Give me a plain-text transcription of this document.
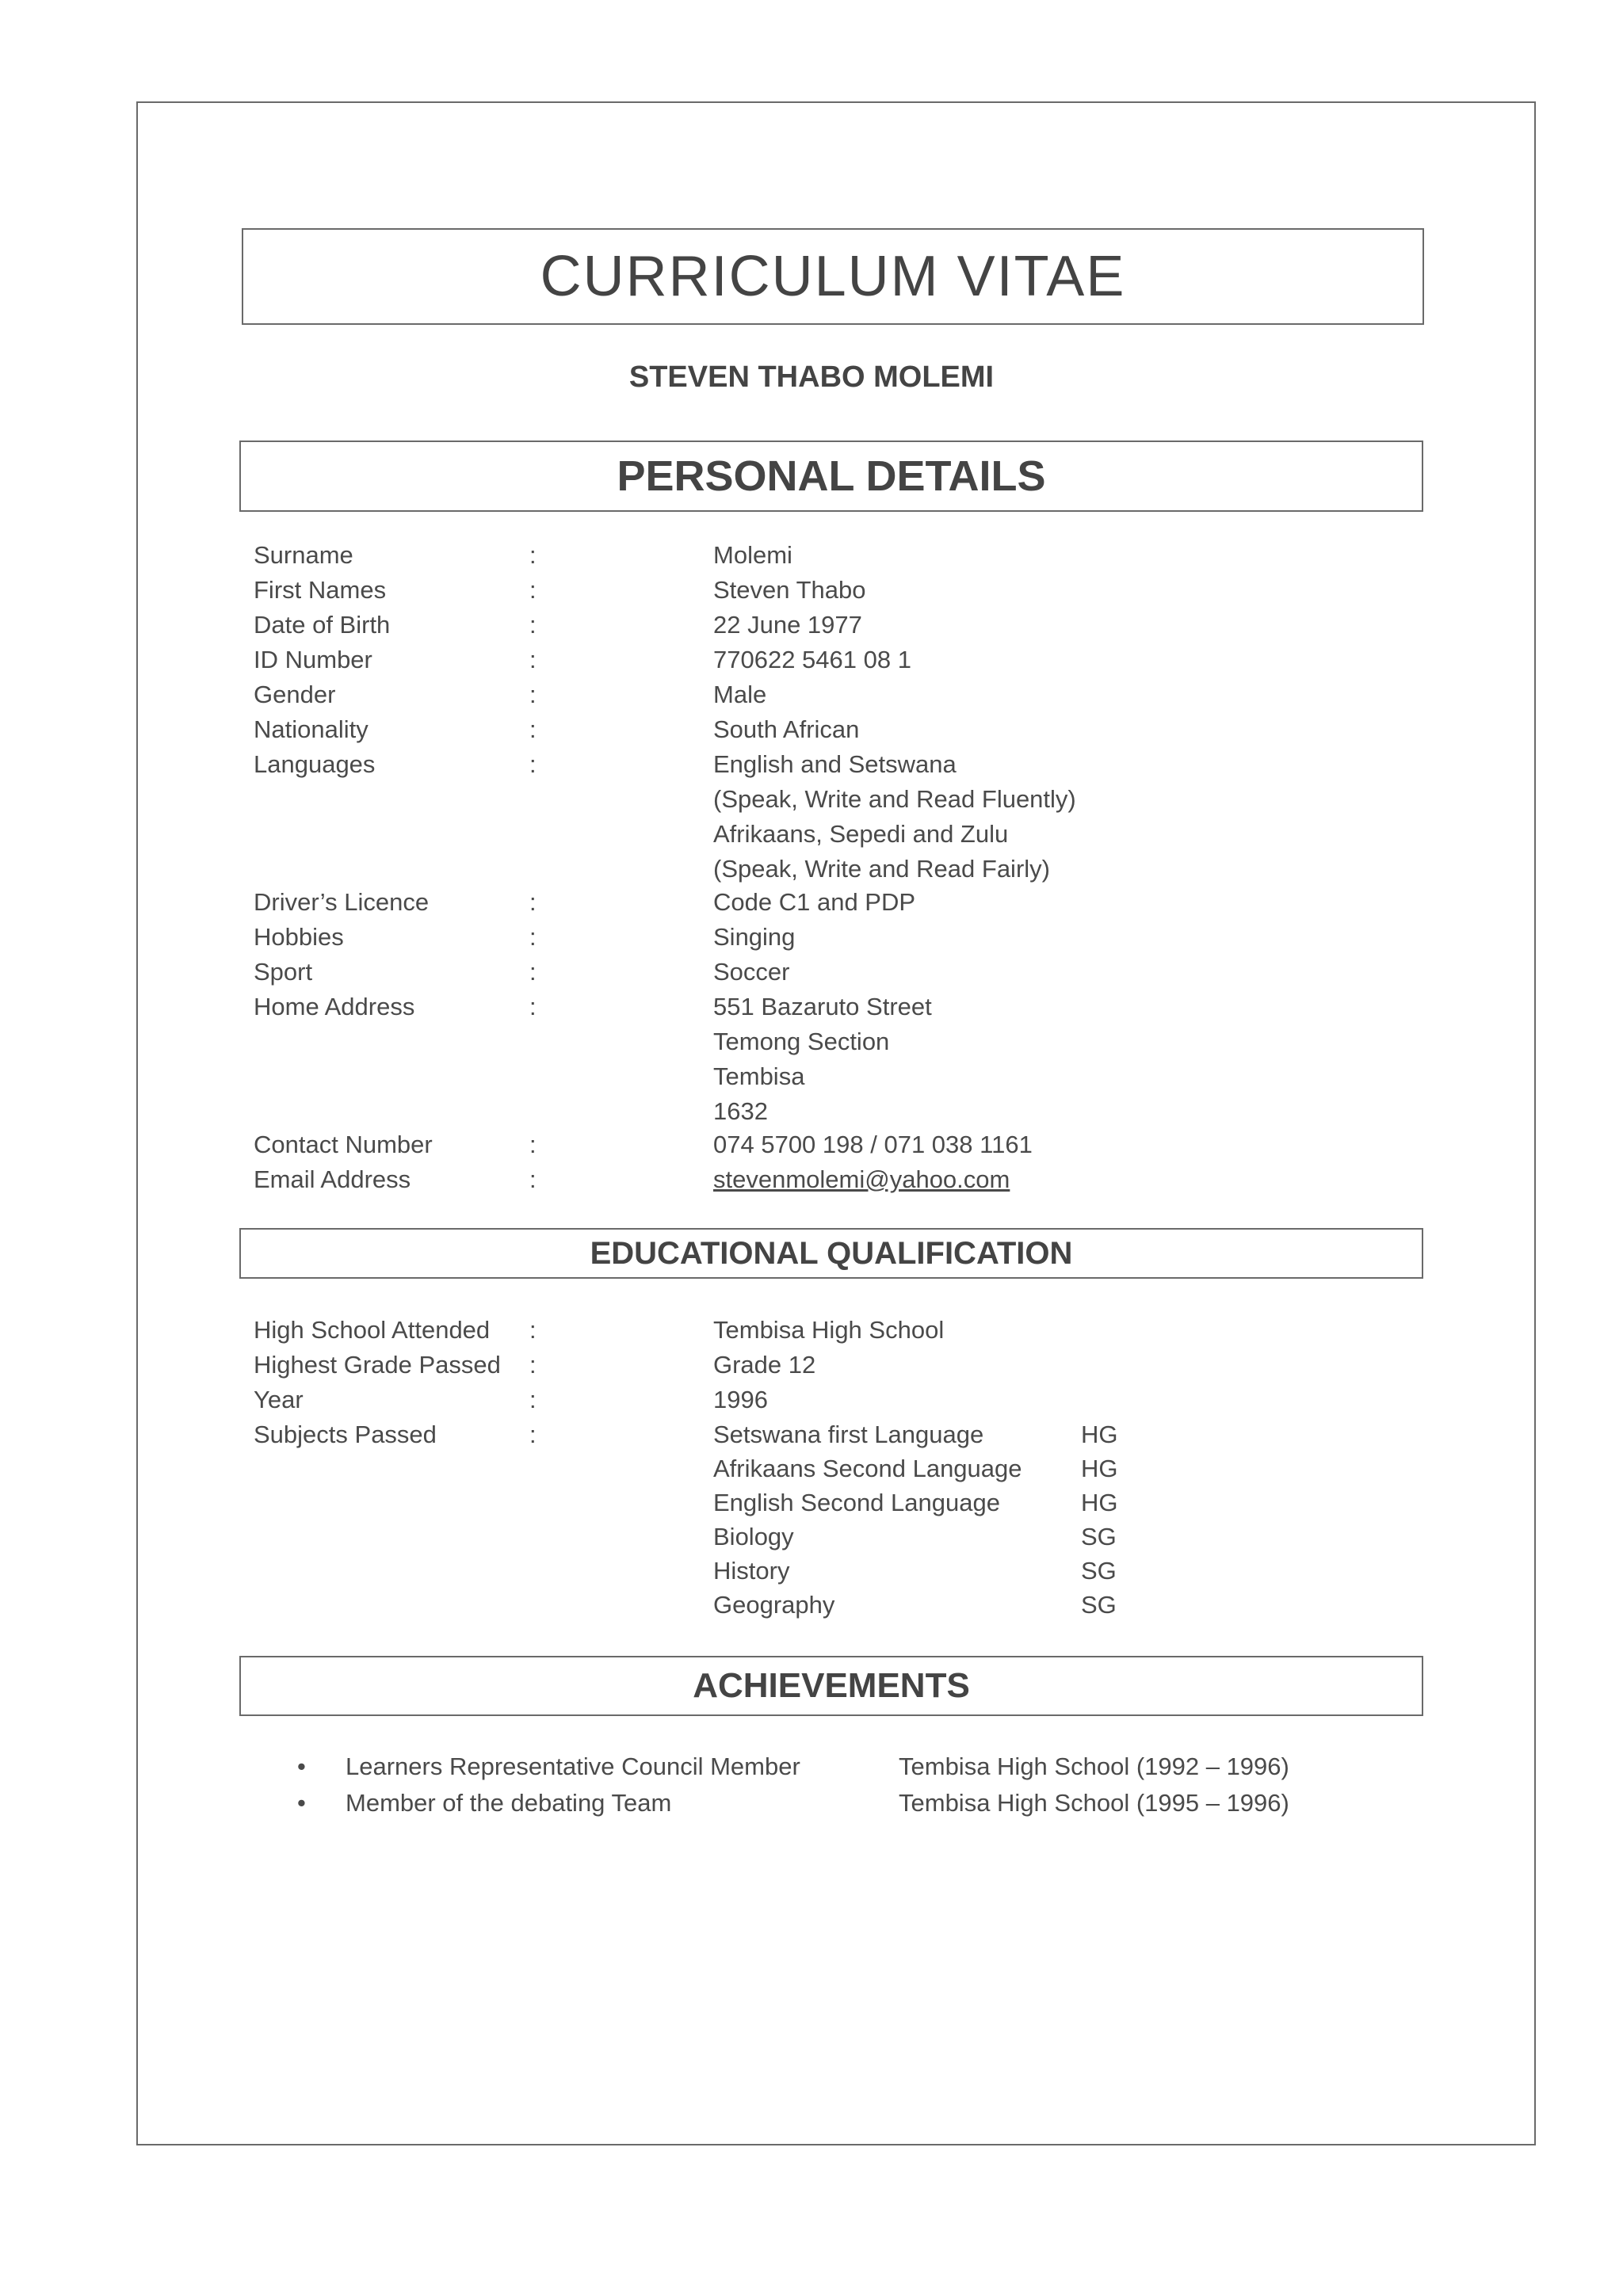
CURRICULUM VITAE
STEVEN THABO MOLEMI
PERSONAL DETAILS
Surname	:	Molemi
First Names	:	Steven Thabo
Date of Birth	:	22 June 1977
ID Number	:	770622 5461 08 1
Gender	:	Male
Nationality	:	South African
Languages	:	English and Setswana
(Speak, Write and Read Fluently)
Afrikaans, Sepedi and Zulu
(Speak, Write and Read Fairly)
Driver’s Licence	:	Code C1 and PDP
Hobbies	:	Singing
Sport	:	Soccer
Home Address	:	551 Bazaruto Street
Temong Section
Tembisa
1632
Contact Number	:	074 5700 198 / 071 038 1161
Email Address	:	stevenmolemi@yahoo.com
EDUCATIONAL QUALIFICATION
High School Attended :	Tembisa High School
Highest Grade Passed :	Grade 12
Year	:	1996
Subjects Passed	:	Setswana first Language	HG
Afrikaans Second Language HG
English Second Language	HG
Biology	SG
History	SG
Geography	SG
ACHIEVEMENTS
• Learners Representative Council Member	Tembisa High School (1992 – 1996)
• Member of the debating Team	Tembisa High School (1995 – 1996)
